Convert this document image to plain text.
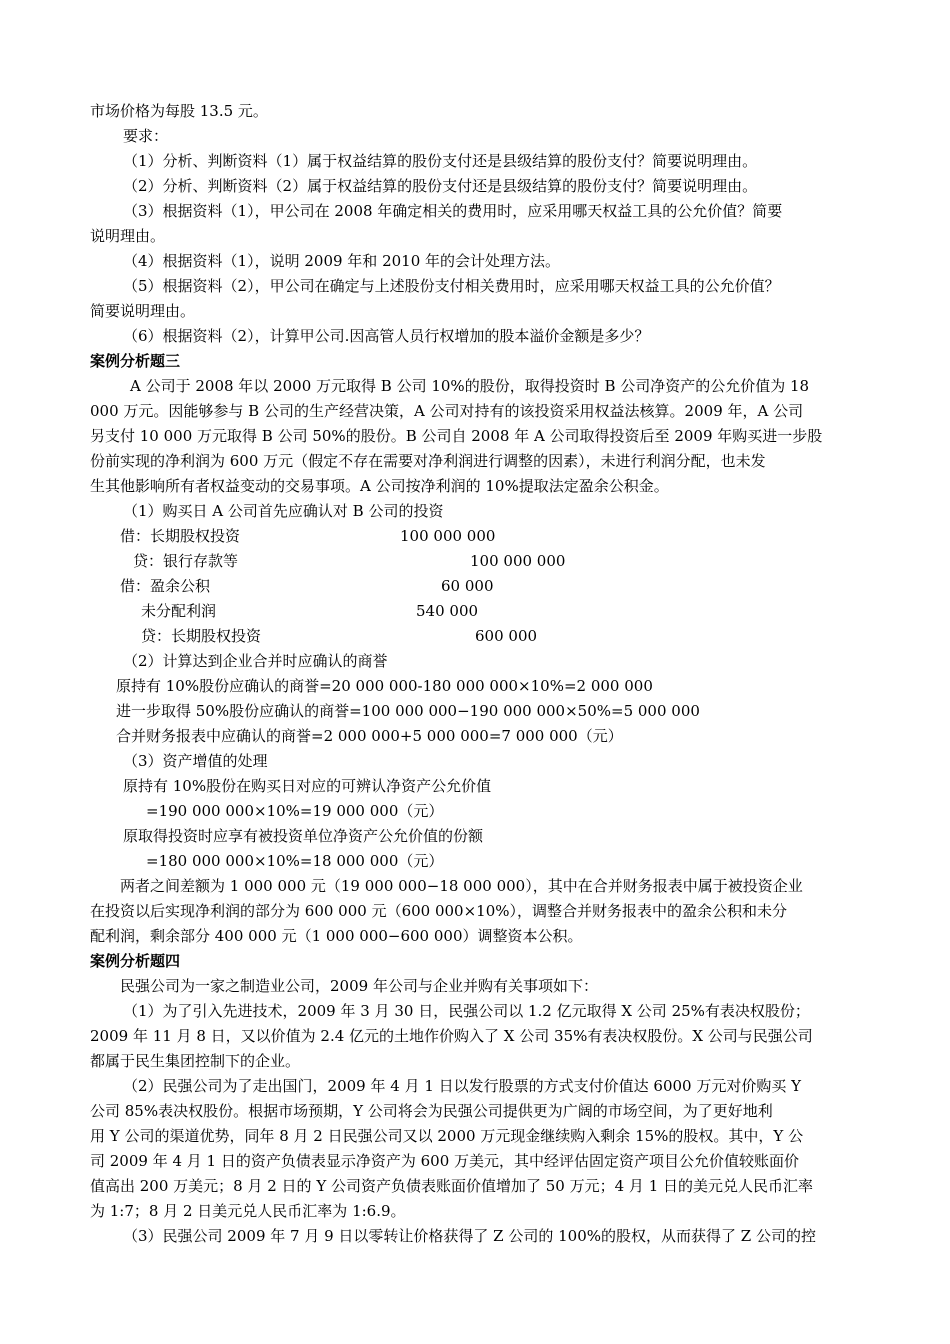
市场价格为每股 13.5 元。
要求：
（1）分析、判断资料（1）属于权益结算的股份支付还是县级结算的股份支付？简要说明理由。
（2）分析、判断资料（2）属于权益结算的股份支付还是县级结算的股份支付？简要说明理由。
（3）根据资料（1），甲公司在 2008 年确定相关的费用时，应采用哪天权益工具的公允价值？简要
说明理由。
（4）根据资料（1），说明 2009 年和 2010 年的会计处理方法。
（5）根据资料（2），甲公司在确定与上述股份支付相关费用时，应采用哪天权益工具的公允价值？
简要说明理由。
（6）根据资料（2），计算甲公司.因高管人员行权增加的股本溢价金额是多少？
案例分析题三
A 公司于 2008 年以 2000 万元取得 B 公司 10%的股份，取得投资时 B 公司净资产的公允价值为 18
000 万元。因能够参与 B 公司的生产经营决策，A 公司对持有的该投资采用权益法核算。2009 年，A 公司
另支付 10 000 万元取得 B 公司 50%的股份。B 公司自 2008 年 A 公司取得投资后至 2009 年购买进一步股
份前实现的净利润为 600 万元（假定不存在需要对净利润进行调整的因素），未进行利润分配，也未发
生其他影响所有者权益变动的交易事项。A 公司按净利润的 10%提取法定盈余公积金。
（1）购买日 A 公司首先应确认对 B 公司的投资
借：长期股权投资	100 000 000
贷：银行存款等	100 000 000
借：盈余公积	60 000
未分配利润	540 000
贷：长期股权投资	600 000
（2）计算达到企业合并时应确认的商誉
原持有 10%股份应确认的商誉=20 000 000-180 000 000×10%=2 000 000
进一步取得 50%股份应确认的商誉=100 000 000−190 000 000×50%=5 000 000
合并财务报表中应确认的商誉=2 000 000+5 000 000=7 000 000（元）
（3）资产增值的处理
原持有 10%股份在购买日对应的可辨认净资产公允价值
=190 000 000×10%=19 000 000（元）
原取得投资时应享有被投资单位净资产公允价值的份额
=180 000 000×10%=18 000 000（元）
两者之间差额为 1 000 000 元（19 000 000−18 000 000），其中在合并财务报表中属于被投资企业
在投资以后实现净利润的部分为 600 000 元（600 000×10%），调整合并财务报表中的盈余公积和未分
配利润，剩余部分 400 000 元（1 000 000−600 000）调整资本公积。
案例分析题四
民强公司为一家之制造业公司，2009 年公司与企业并购有关事项如下：
（1）为了引入先进技术，2009 年 3 月 30 日，民强公司以 1.2 亿元取得 X 公司 25%有表决权股份；
2009 年 11 月 8 日，又以价值为 2.4 亿元的土地作价购入了 X 公司 35%有表决权股份。X 公司与民强公司
都属于民生集团控制下的企业。
（2）民强公司为了走出国门，2009 年 4 月 1 日以发行股票的方式支付价值达 6000 万元对价购买 Y
公司 85%表决权股份。根据市场预期，Y 公司将会为民强公司提供更为广阔的市场空间，为了更好地利
用 Y 公司的渠道优势，同年 8 月 2 日民强公司又以 2000 万元现金继续购入剩余 15%的股权。其中，Y 公
司 2009 年 4 月 1 日的资产负债表显示净资产为 600 万美元，其中经评估固定资产项目公允价值较账面价
值高出 200 万美元；8 月 2 日的 Y 公司资产负债表账面价值增加了 50 万元；4 月 1 日的美元兑人民币汇率
为 1:7；8 月 2 日美元兑人民币汇率为 1:6.9。
（3）民强公司 2009 年 7 月 9 日以零转让价格获得了 Z 公司的 100%的股权，从而获得了 Z 公司的控
